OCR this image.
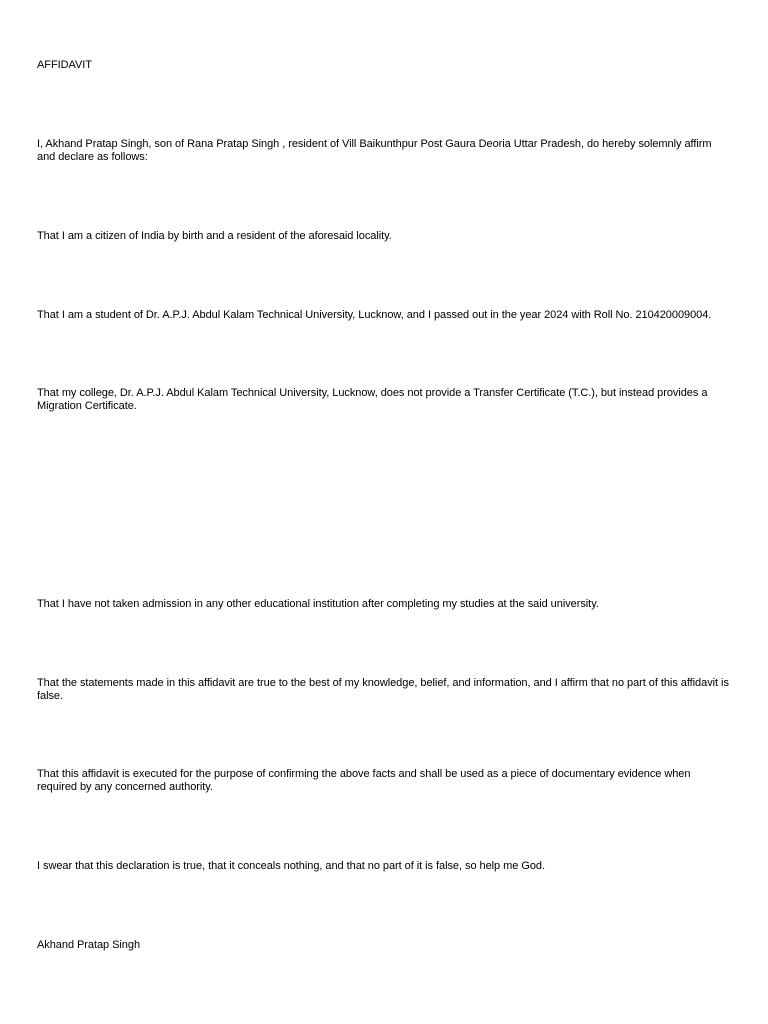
AFFIDAVIT

I, Akhand Pratap Singh, son of Rana Pratap Singh , resident of Vill Baikunthpur Post Gaura Deoria Uttar Pradesh, do hereby solemnly affirm and declare as follows:

That I am a citizen of India by birth and a resident of the aforesaid locality.

That I am a student of Dr. A.P.J. Abdul Kalam Technical University, Lucknow, and I passed out in the year 2024 with Roll No. 210420009004.

That my college, Dr. A.P.J. Abdul Kalam Technical University, Lucknow, does not provide a Transfer Certificate (T.C.), but instead provides a Migration Certificate.

That I have not taken admission in any other educational institution after completing my studies at the said university.

That the statements made in this affidavit are true to the best of my knowledge, belief, and information, and I affirm that no part of this affidavit is false.

That this affidavit is executed for the purpose of confirming the above facts and shall be used as a piece of documentary evidence when required by any concerned authority.

I swear that this declaration is true, that it conceals nothing, and that no part of it is false, so help me God.

Akhand Pratap Singh
